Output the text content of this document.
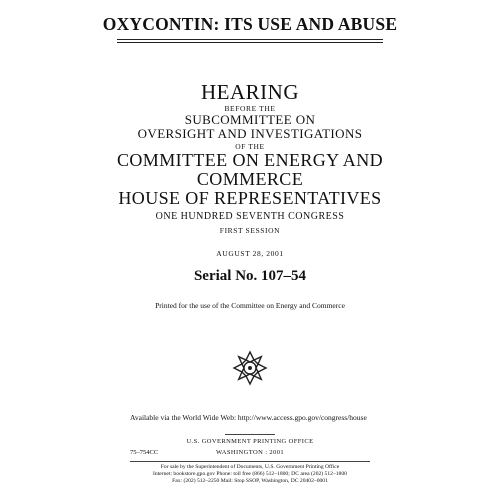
OXYCONTIN: ITS USE AND ABUSE
HEARING
BEFORE THE
SUBCOMMITTEE ON
OVERSIGHT AND INVESTIGATIONS
OF THE
COMMITTEE ON ENERGY AND
COMMERCE
HOUSE OF REPRESENTATIVES
ONE HUNDRED SEVENTH CONGRESS
FIRST SESSION
AUGUST 28, 2001
Serial No. 107–54
Printed for the use of the Committee on Energy and Commerce
Available via the World Wide Web: http://www.access.gpo.gov/congress/house
U.S. GOVERNMENT PRINTING OFFICE
75–754CC	WASHINGTON : 2001
For sale by the Superintendent of Documents, U.S. Government Printing Office
Internet: bookstore.gpo.gov Phone: toll free (866) 512–1800; DC area (202) 512–1800
Fax: (202) 512–2250 Mail: Stop SSOP, Washington, DC 20402–0001
